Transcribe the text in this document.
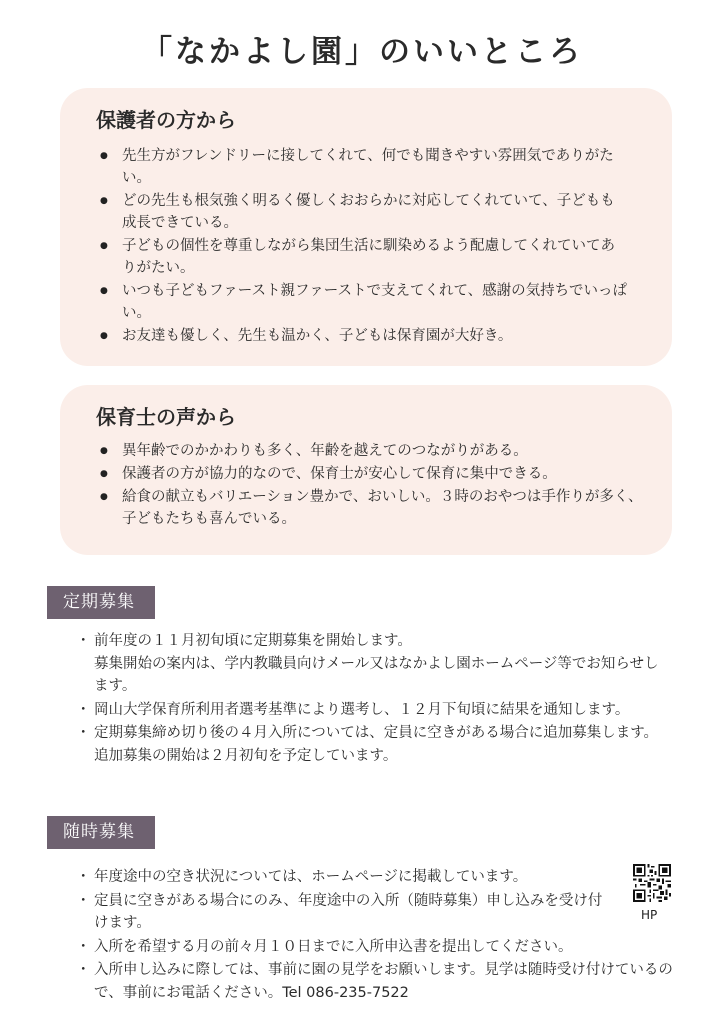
「なかよし園」のいいところ
保護者の方から
● 先生方がフレンドリーに接してくれて、何でも聞きやすい雰囲気でありがたい。
● どの先生も根気強く明るく優しくおおらかに対応してくれていて、子どもも成長できている。
● 子どもの個性を尊重しながら集団生活に馴染めるよう配慮してくれていてありがたい。
● いつも子どもファースト親ファーストで支えてくれて、感謝の気持ちでいっぱい。
● お友達も優しく、先生も温かく、子どもは保育園が大好き。
保育士の声から
● 異年齢でのかかわりも多く、年齢を越えてのつながりがある。
● 保護者の方が協力的なので、保育士が安心して保育に集中できる。
● 給食の献立もバリエーション豊かで、おいしい。３時のおやつは手作りが多く、子どもたちも喜んでいる。
定期募集
・ 前年度の１１月初旬頃に定期募集を開始します。
募集開始の案内は、学内教職員向けメール又はなかよし園ホームページ等でお知らせします。
・ 岡山大学保育所利用者選考基準により選考し、１２月下旬頃に結果を通知します。
・ 定期募集締め切り後の４月入所については、定員に空きがある場合に追加募集します。追加募集の開始は２月初旬を予定しています。
随時募集
・ 年度途中の空き状況については、ホームページに掲載しています。
・ 定員に空きがある場合にのみ、年度途中の入所（随時募集）申し込みを受け付けます。
・ 入所を希望する月の前々月１０日までに入所申込書を提出してください。
・ 入所申し込みに際しては、事前に園の見学をお願いします。見学は随時受け付けているので、事前にお電話ください。Tel 086-235-7522
HP
